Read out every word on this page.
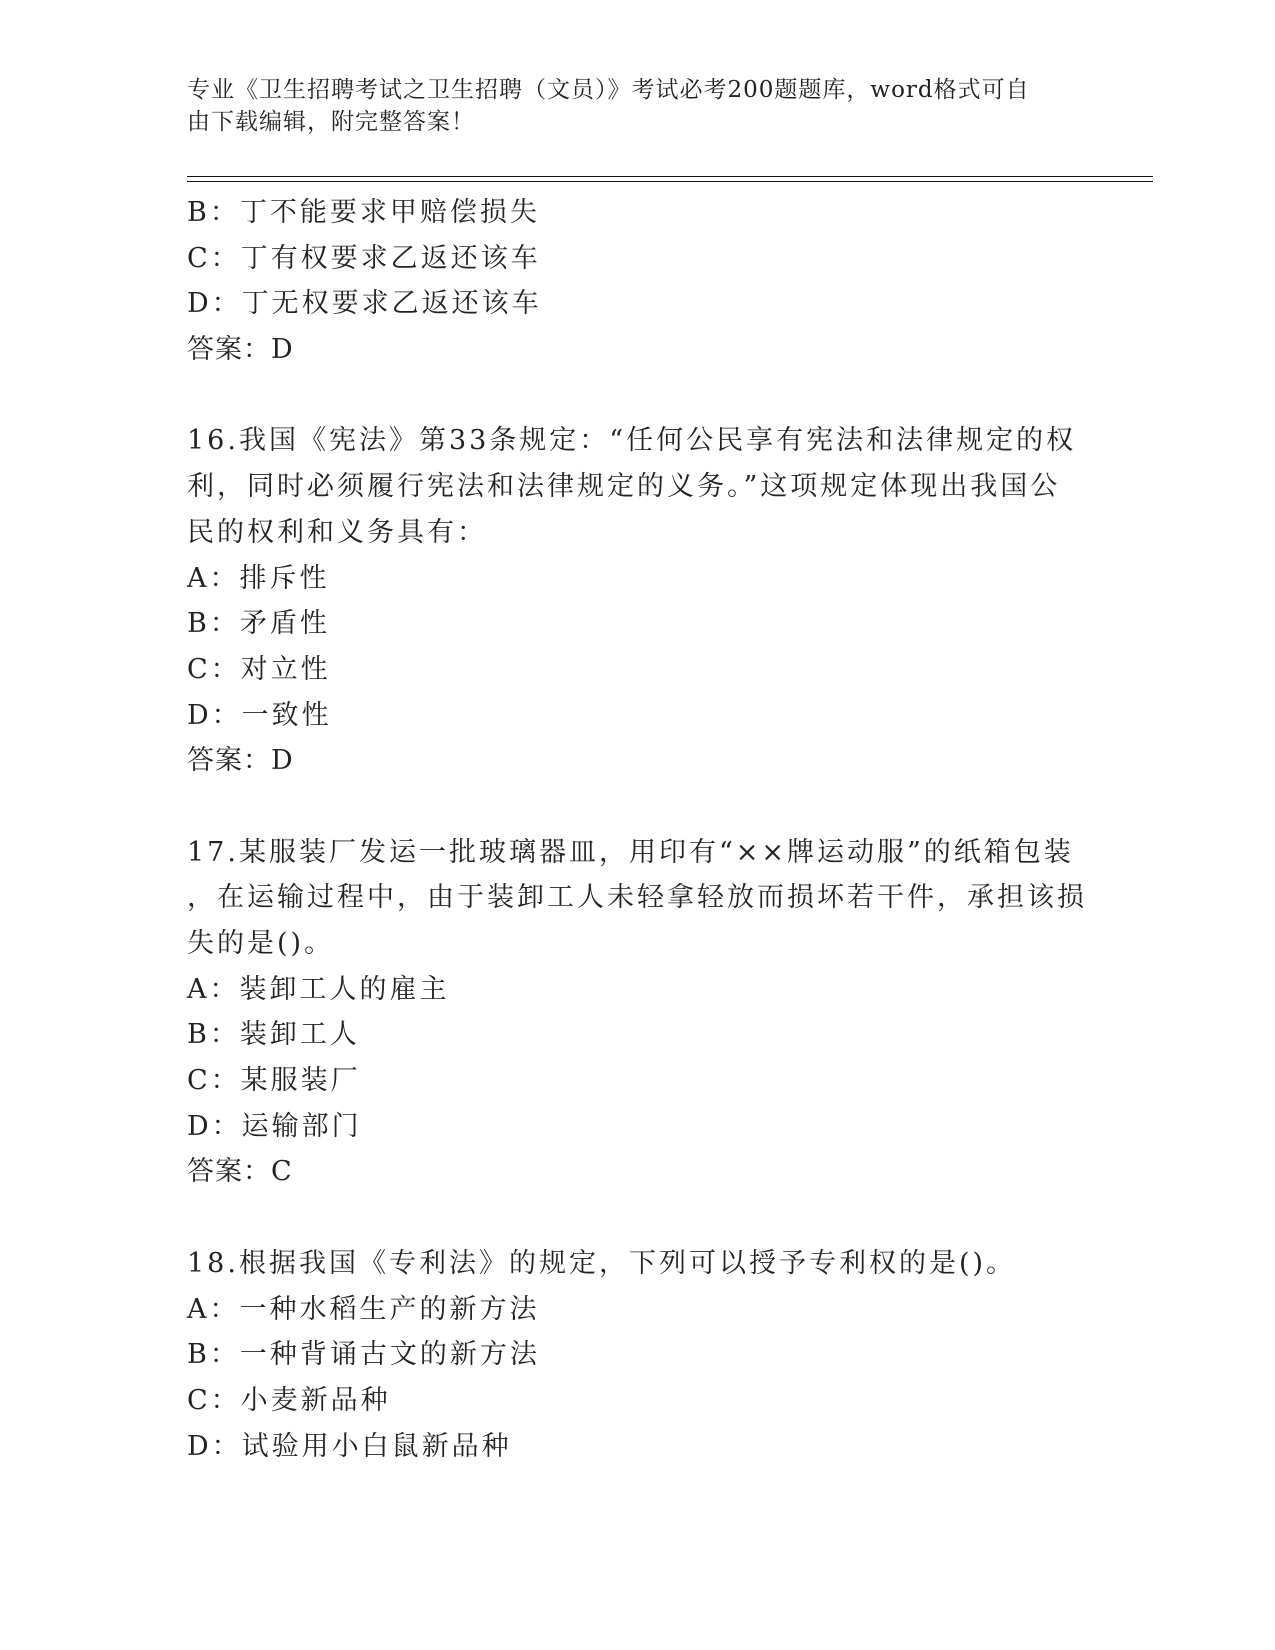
专业《卫生招聘考试之卫生招聘（文员）》考试必考200题题库，word格式可自
由下载编辑，附完整答案！
B：丁不能要求甲赔偿损失
C：丁有权要求乙返还该车
D：丁无权要求乙返还该车
答案：D
16.我国《宪法》第33条规定：“任何公民享有宪法和法律规定的权
利，同时必须履行宪法和法律规定的义务。”这项规定体现出我国公
民的权利和义务具有：
A：排斥性
B：矛盾性
C：对立性
D：一致性
答案：D
17.某服装厂发运一批玻璃器皿，用印有“××牌运动服”的纸箱包装
，在运输过程中，由于装卸工人未轻拿轻放而损坏若干件，承担该损
失的是()。
A：装卸工人的雇主
B：装卸工人
C：某服装厂
D：运输部门
答案：C
18.根据我国《专利法》的规定，下列可以授予专利权的是()。
A：一种水稻生产的新方法
B：一种背诵古文的新方法
C：小麦新品种
D：试验用小白鼠新品种
